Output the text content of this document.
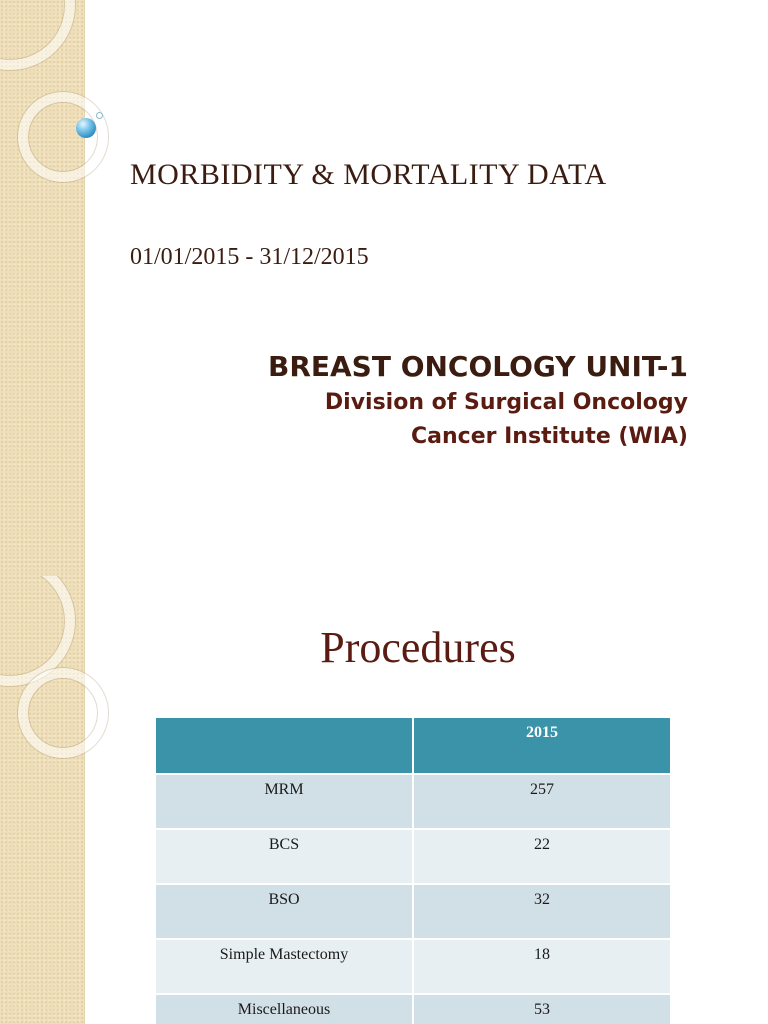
MORBIDITY & MORTALITY DATA

01/01/2015 - 31/12/2015

BREAST ONCOLOGY UNIT-1

Division of Surgical Oncology

Cancer Institute (WIA)

Procedures
	2015
MRM	257
BCS	22
BSO	32
Simple Mastectomy	18
Miscellaneous	53
